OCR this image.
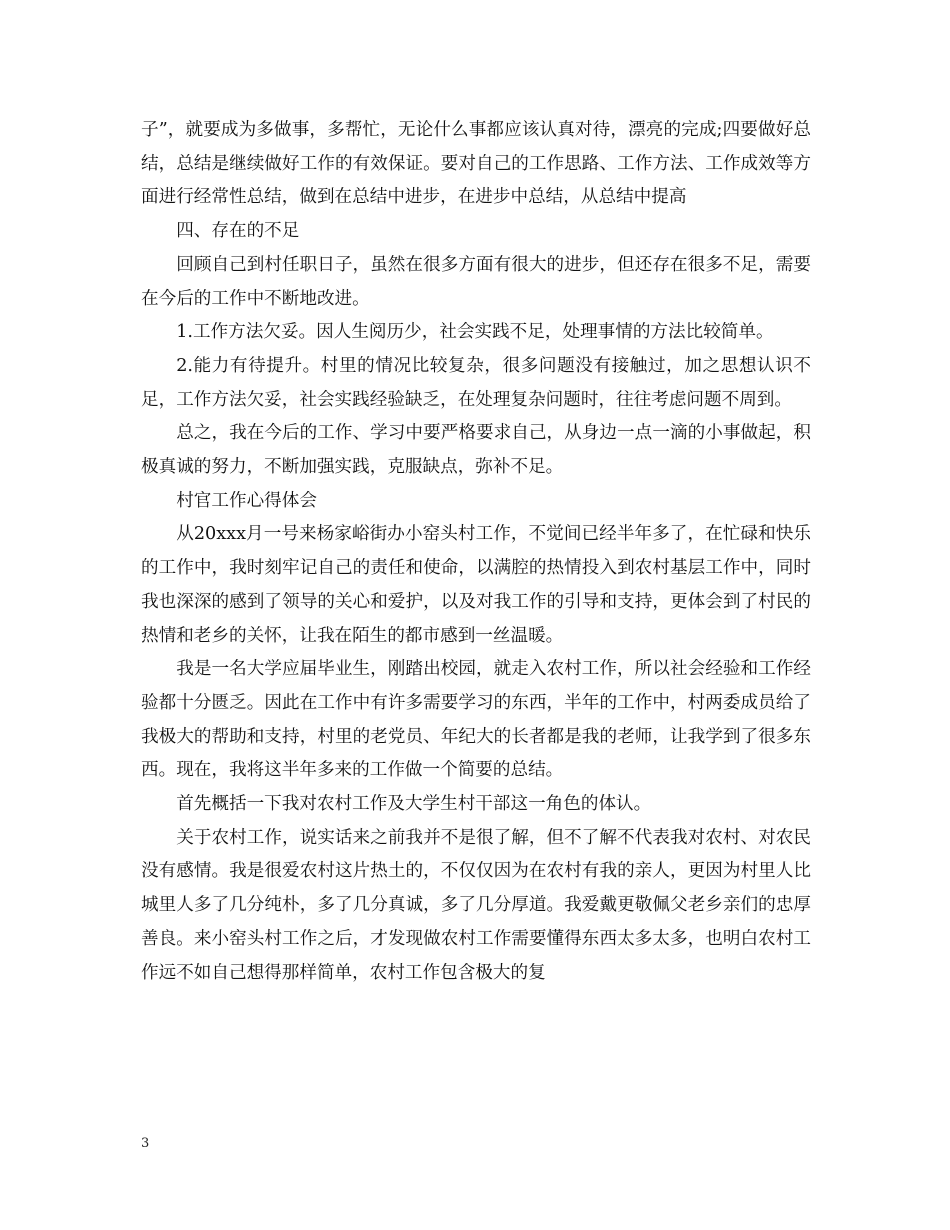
子”，就要成为多做事，多帮忙，无论什么事都应该认真对待，漂亮的完成;四要做好总结，总结是继续做好工作的有效保证。要对自己的工作思路、工作方法、工作成效等方面进行经常性总结，做到在总结中进步，在进步中总结，从总结中提高

四、存在的不足

回顾自己到村任职日子，虽然在很多方面有很大的进步，但还存在很多不足，需要在今后的工作中不断地改进。

1.工作方法欠妥。因人生阅历少，社会实践不足，处理事情的方法比较简单。

2.能力有待提升。村里的情况比较复杂，很多问题没有接触过，加之思想认识不足，工作方法欠妥，社会实践经验缺乏，在处理复杂问题时，往往考虑问题不周到。

总之，我在今后的工作、学习中要严格要求自己，从身边一点一滴的小事做起，积极真诚的努力，不断加强实践，克服缺点，弥补不足。

村官工作心得体会

从20xxx月一号来杨家峪街办小窑头村工作，不觉间已经半年多了，在忙碌和快乐的工作中，我时刻牢记自己的责任和使命，以满腔的热情投入到农村基层工作中，同时我也深深的感到了领导的关心和爱护，以及对我工作的引导和支持，更体会到了村民的热情和老乡的关怀，让我在陌生的都市感到一丝温暖。

我是一名大学应届毕业生，刚踏出校园，就走入农村工作，所以社会经验和工作经验都十分匮乏。因此在工作中有许多需要学习的东西，半年的工作中，村两委成员给了我极大的帮助和支持，村里的老党员、年纪大的长者都是我的老师，让我学到了很多东西。现在，我将这半年多来的工作做一个简要的总结。

首先概括一下我对农村工作及大学生村干部这一角色的体认。

关于农村工作，说实话来之前我并不是很了解，但不了解不代表我对农村、对农民没有感情。我是很爱农村这片热土的，不仅仅因为在农村有我的亲人，更因为村里人比城里人多了几分纯朴，多了几分真诚，多了几分厚道。我爱戴更敬佩父老乡亲们的忠厚善良。来小窑头村工作之后，才发现做农村工作需要懂得东西太多太多，也明白农村工作远不如自己想得那样简单，农村工作包含极大的复

3
